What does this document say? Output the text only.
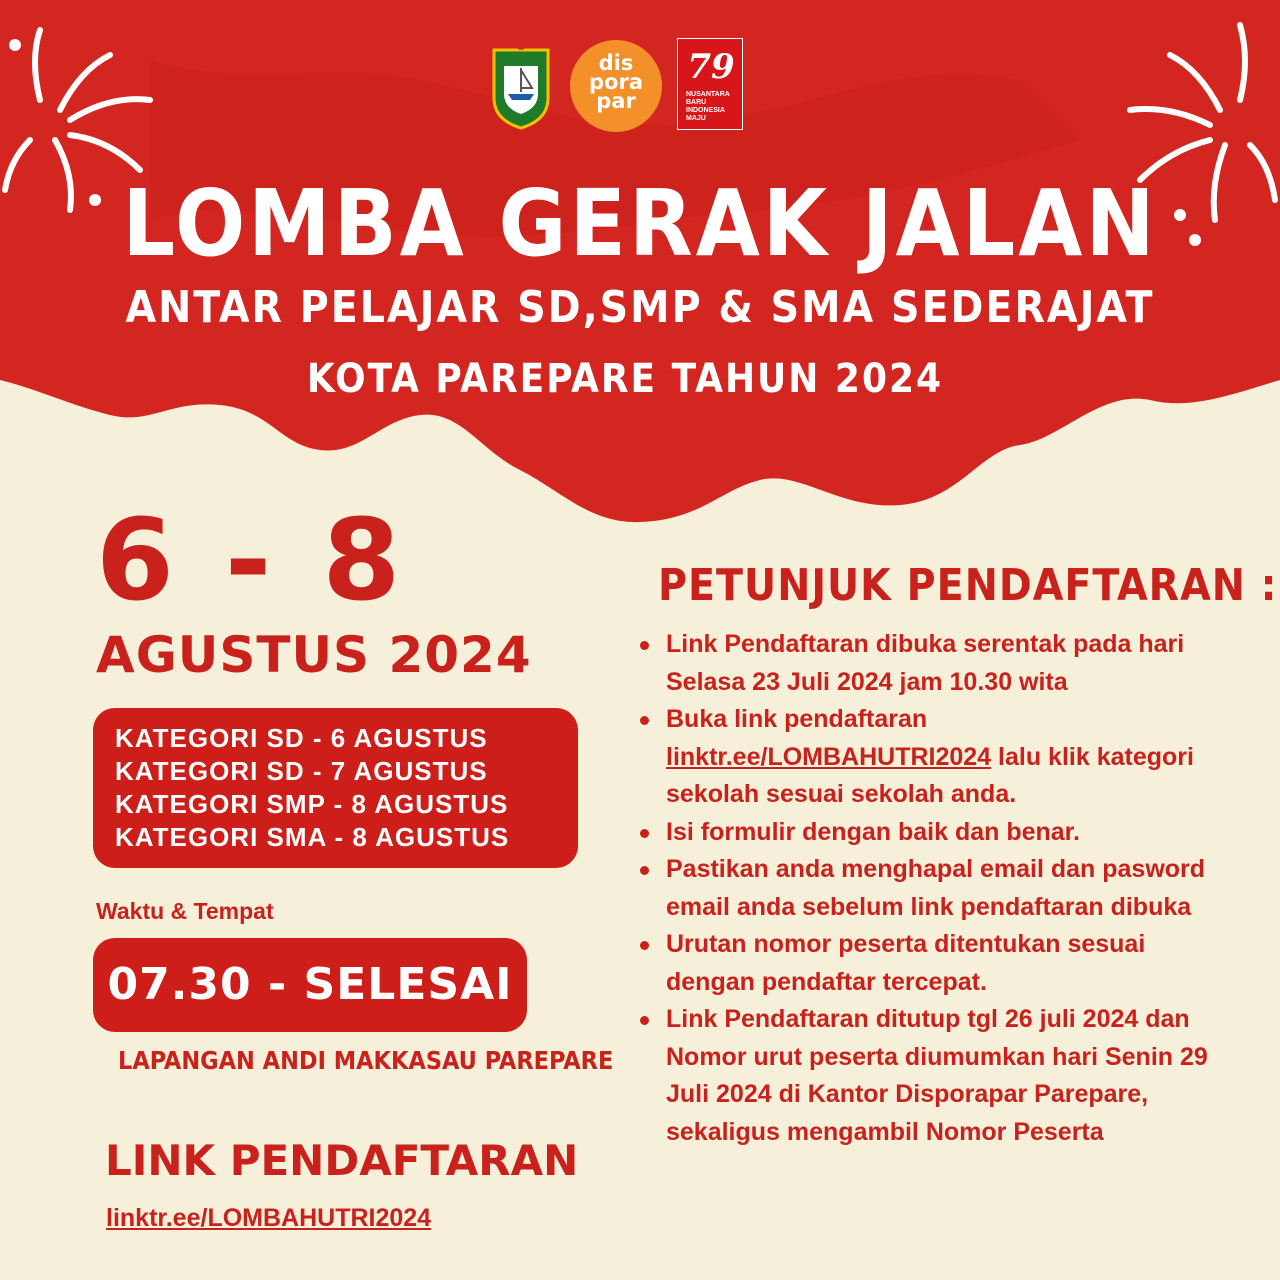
dis
pora
par
79
NUSANTARA
BARU
INDONESIA
MAJU
LOMBA GERAK JALAN
ANTAR PELAJAR SD,SMP & SMA SEDERAJAT
KOTA PAREPARE TAHUN 2024
6 - 8
AGUSTUS 2024
KATEGORI SD - 6 AGUSTUS
KATEGORI SD - 7 AGUSTUS
KATEGORI SMP - 8 AGUSTUS
KATEGORI SMA - 8 AGUSTUS
Waktu & Tempat
07.30 - SELESAI
LAPANGAN ANDI MAKKASAU PAREPARE
LINK PENDAFTARAN
linktr.ee/LOMBAHUTRI2024
PETUNJUK PENDAFTARAN :
Link Pendaftaran dibuka serentak pada hari Selasa 23 Juli 2024 jam 10.30 wita
Buka link pendaftaran linktr.ee/LOMBAHUTRI2024 lalu klik kategori sekolah sesuai sekolah anda.
Isi formulir dengan baik dan benar.
Pastikan anda menghapal email dan pasword email anda sebelum link pendaftaran dibuka
Urutan nomor peserta ditentukan sesuai dengan pendaftar tercepat.
Link Pendaftaran ditutup tgl 26 juli 2024 dan Nomor urut peserta diumumkan hari Senin 29 Juli 2024 di Kantor Disporapar Parepare, sekaligus mengambil Nomor Peserta
